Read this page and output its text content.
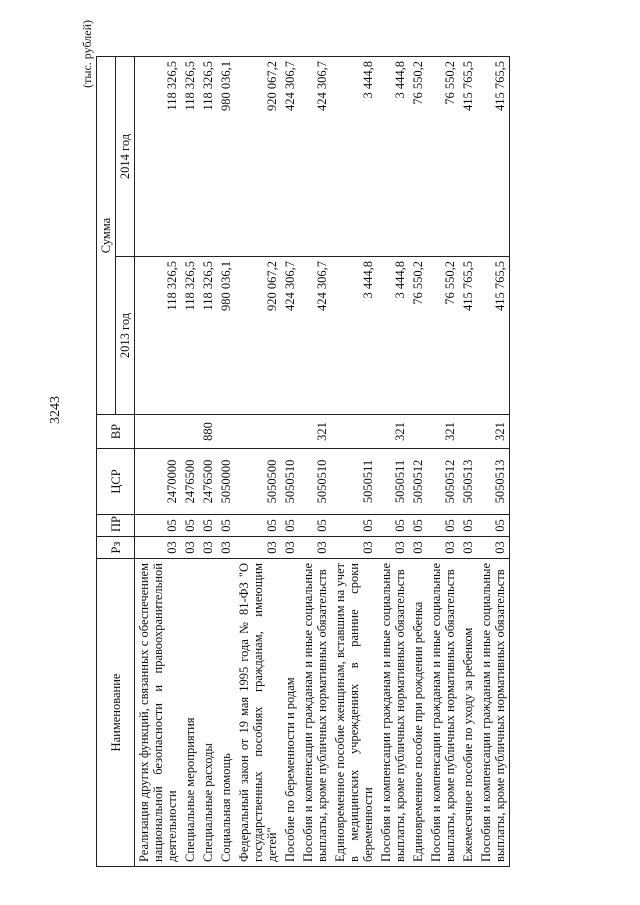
3243
(тыс. рублей)
Наименование	Рз	ПР	ЦСР	ВР	Сумма	
					2013 год	2014 год
Реализация других функций, связанных с обеспечением национальной безопасности и правоохранительной деятельности	03	05	2470000		118 326,5	118 326,5
Специальные мероприятия	03	05	2476500		118 326,5	118 326,5
Специальные расходы	03	05	2476500	880	118 326,5	118 326,5
Социальная помощь	03	05	5050000		980 036,1	980 036,1
Федеральный закон от 19 мая 1995 года № 81-ФЗ "О государственных пособиях гражданам, имеющим детей"	03	05	5050500		920 067,2	920 067,2
Пособие по беременности и родам	03	05	5050510		424 306,7	424 306,7
Пособия и компенсации гражданам и иные социальные выплаты, кроме публичных нормативных обязательств	03	05	5050510	321	424 306,7	424 306,7
Единовременное пособие женщинам, вставшим на учет в медицинских учреждениях в ранние сроки беременности	03	05	5050511		3 444,8	3 444,8
Пособия и компенсации гражданам и иные социальные выплаты, кроме публичных нормативных обязательств	03	05	5050511	321	3 444,8	3 444,8
Единовременное пособие при рождении ребенка	03	05	5050512		76 550,2	76 550,2
Пособия и компенсации гражданам и иные социальные выплаты, кроме публичных нормативных обязательств	03	05	5050512	321	76 550,2	76 550,2
Ежемесячное пособие по уходу за ребенком	03	05	5050513		415 765,5	415 765,5
Пособия и компенсации гражданам и иные социальные выплаты, кроме публичных нормативных обязательств	03	05	5050513	321	415 765,5	415 765,5
